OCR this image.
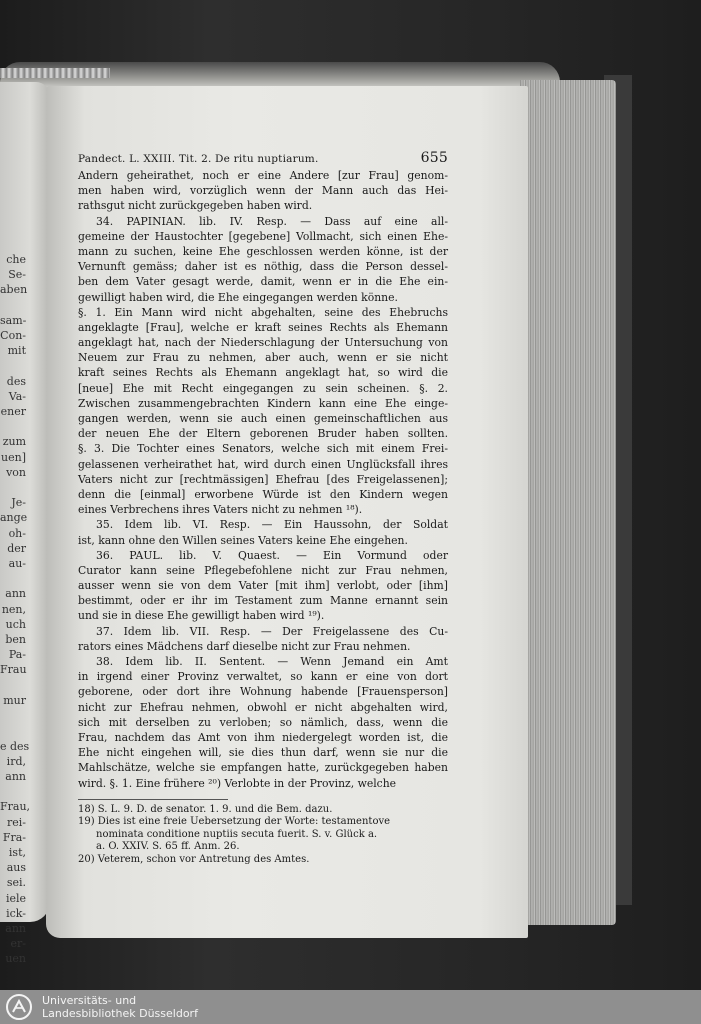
che
Se-
aben

sam-
Con-
mit

des
Va-
ener

zum
uen]
von

Je-
ange
oh-
der
au-

ann
nen,
uch
ben
Pa-
Frau

mur

e des
ird,
ann

Frau,
rei-
Fra-
ist,
aus
sei.
iele
ick-
ann
er-
uen
Pandect. L. XXIII. Tit. 2. De ritu nuptiarum.	655
Andern geheirathet, noch er eine Andere [zur Frau] genom-
men haben wird, vorzüglich wenn der Mann auch das Hei-
rathsgut nicht zurückgegeben haben wird.
34. PAPINIAN. lib. IV. Resp. — Dass auf eine all-
gemeine der Haustochter [gegebene] Vollmacht, sich einen Ehe-
mann zu suchen, keine Ehe geschlossen werden könne, ist der
Vernunft gemäss; daher ist es nöthig, dass die Person dessel-
ben dem Vater gesagt werde, damit, wenn er in die Ehe ein-
gewilligt haben wird, die Ehe eingegangen werden könne.
§. 1. Ein Mann wird nicht abgehalten, seine des Ehebruchs
angeklagte [Frau], welche er kraft seines Rechts als Ehemann
angeklagt hat, nach der Niederschlagung der Untersuchung von
Neuem zur Frau zu nehmen, aber auch, wenn er sie nicht
kraft seines Rechts als Ehemann angeklagt hat, so wird die
[neue] Ehe mit Recht eingegangen zu sein scheinen. §. 2.
Zwischen zusammengebrachten Kindern kann eine Ehe einge-
gangen werden, wenn sie auch einen gemeinschaftlichen aus
der neuen Ehe der Eltern geborenen Bruder haben sollten.
§. 3. Die Tochter eines Senators, welche sich mit einem Frei-
gelassenen verheirathet hat, wird durch einen Unglücksfall ihres
Vaters nicht zur [rechtmässigen] Ehefrau [des Freigelassenen];
denn die [einmal] erworbene Würde ist den Kindern wegen
eines Verbrechens ihres Vaters nicht zu nehmen ¹⁸).
35. Idem lib. VI. Resp. — Ein Haussohn, der Soldat
ist, kann ohne den Willen seines Vaters keine Ehe eingehen.
36. PAUL. lib. V. Quaest. — Ein Vormund oder
Curator kann seine Pflegebefohlene nicht zur Frau nehmen,
ausser wenn sie von dem Vater [mit ihm] verlobt, oder [ihm]
bestimmt, oder er ihr im Testament zum Manne ernannt sein
und sie in diese Ehe gewilligt haben wird ¹⁹).
37. Idem lib. VII. Resp. — Der Freigelassene des Cu-
rators eines Mädchens darf dieselbe nicht zur Frau nehmen.
38. Idem lib. II. Sentent. — Wenn Jemand ein Amt
in irgend einer Provinz verwaltet, so kann er eine von dort
geborene, oder dort ihre Wohnung habende [Frauensperson]
nicht zur Ehefrau nehmen, obwohl er nicht abgehalten wird,
sich mit derselben zu verloben; so nämlich, dass, wenn die
Frau, nachdem das Amt von ihm niedergelegt worden ist, die
Ehe nicht eingehen will, sie dies thun darf, wenn sie nur die
Mahlschätze, welche sie empfangen hatte, zurückgegeben haben
wird. §. 1. Eine frühere ²⁰) Verlobte in der Provinz, welche
18) S. L. 9. D. de senator. 1. 9. und die Bem. dazu.
19) Dies ist eine freie Uebersetzung der Worte: testamentove
nominata conditione nuptiis secuta fuerit. S. v. Glück a.
a. O. XXIV. S. 65 ff. Anm. 26.
20) Veterem, schon vor Antretung des Amtes.
Universitäts- und
Landesbibliothek Düsseldorf
